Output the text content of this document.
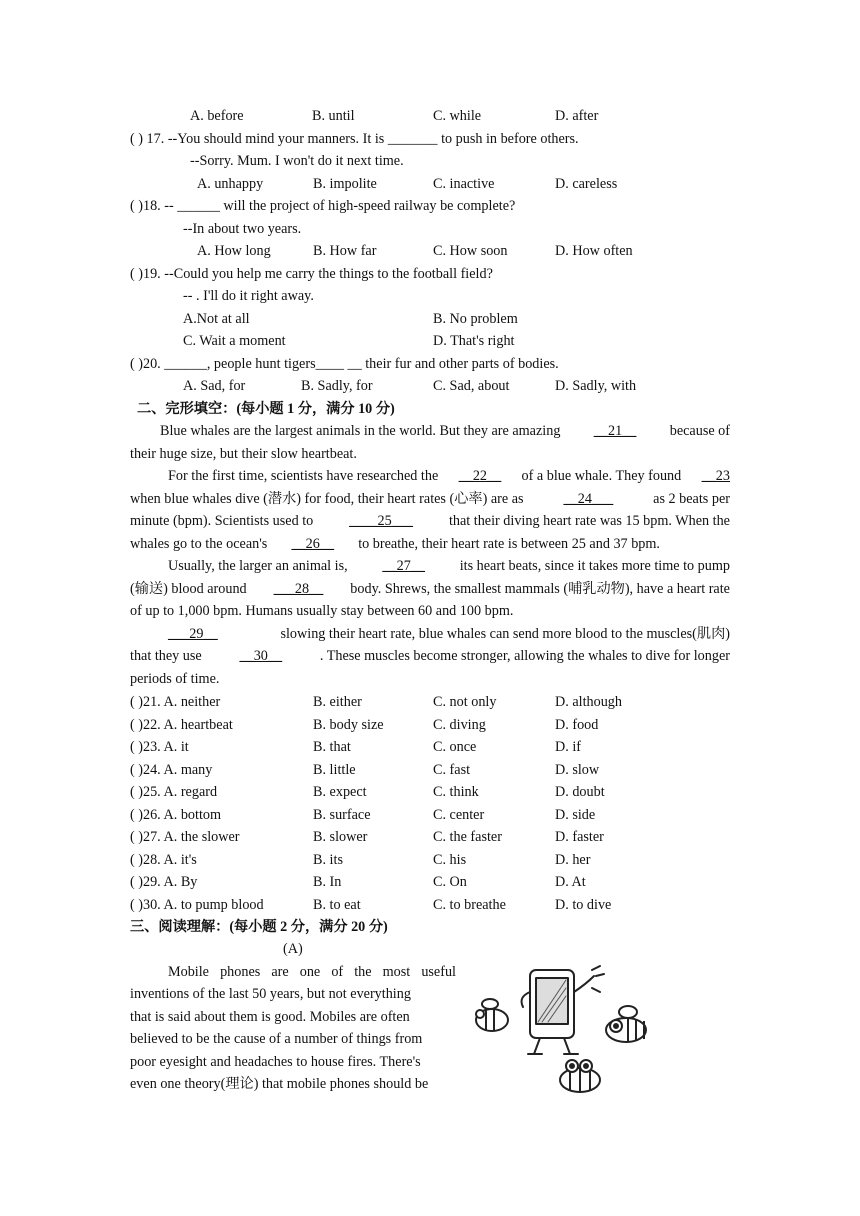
A. before	B. until	C. while	D. after
( ) 17. --You should mind your manners. It is _______ to push in before others.
--Sorry. Mum. I won't do it next time.
A. unhappy	B. impolite	C. inactive	D. careless
( )18. -- ______ will the project of high-speed railway be complete?
--In about two years.
A. How long	B. How far	C. How soon	D. How often
( )19. --Could you help me carry the things to the football field?
-- . I'll do it right away.
A.Not at all	B. No problem
C. Wait a moment	D. That's right
( )20. ______, people hunt tigers____ __ their fur and other parts of bodies.
A. Sad, for	B. Sadly, for	C. Sad, about	D. Sadly, with
二、完形填空：(每小题 1 分，满分 10 分)
Blue whales are the largest animals in the world. But they are amazing __21__ because of
their huge size, but their slow heartbeat.
For the first time, scientists have researched the __22__ of a blue whale. They found __23
when blue whales dive (潜水) for food, their heart rates (心率) are as	__24___	as 2 beats per
minute (bpm). Scientists used to	____25___	that their diving heart rate was 15 bpm. When the
whales go to the ocean's __26__ to breathe, their heart rate is between 25 and 37 bpm.
Usually, the larger an animal is, __27__ its heart beats, since it takes more time to pump
(输送) blood around ___28__ body. Shrews, the smallest mammals (哺乳动物), have a heart rate
of up to 1,000 bpm. Humans usually stay between 60 and 100 bpm.
___29__	slowing their heart rate, blue whales can send more blood to the muscles(肌肉)
that they use	__30__	. These muscles become stronger, allowing the whales to dive for longer
periods of time.
( )21. A. neither	B. either	C. not only	D. although
( )22. A. heartbeat	B. body size	C. diving	D. food
( )23. A. it	B. that	C. once	D. if
( )24. A. many	B. little	C. fast	D. slow
( )25. A. regard	B. expect	C. think	D. doubt
( )26. A. bottom	B. surface	C. center	D. side
( )27. A. the slower	B. slower	C. the faster	D. faster
( )28. A. it's	B. its	C. his	D. her
( )29. A. By	B. In	C. On	D. At
( )30. A. to pump blood	B. to eat	C. to breathe	D. to dive
三、阅读理解：(每小题 2 分，满分 20 分)
(A)
Mobile phones are one of the most useful
inventions of the last 50 years, but not everything
that is said about them is good. Mobiles are often
believed to be the cause of a number of things from
poor eyesight and headaches to house fires. There's
even one theory(理论) that mobile phones should be
